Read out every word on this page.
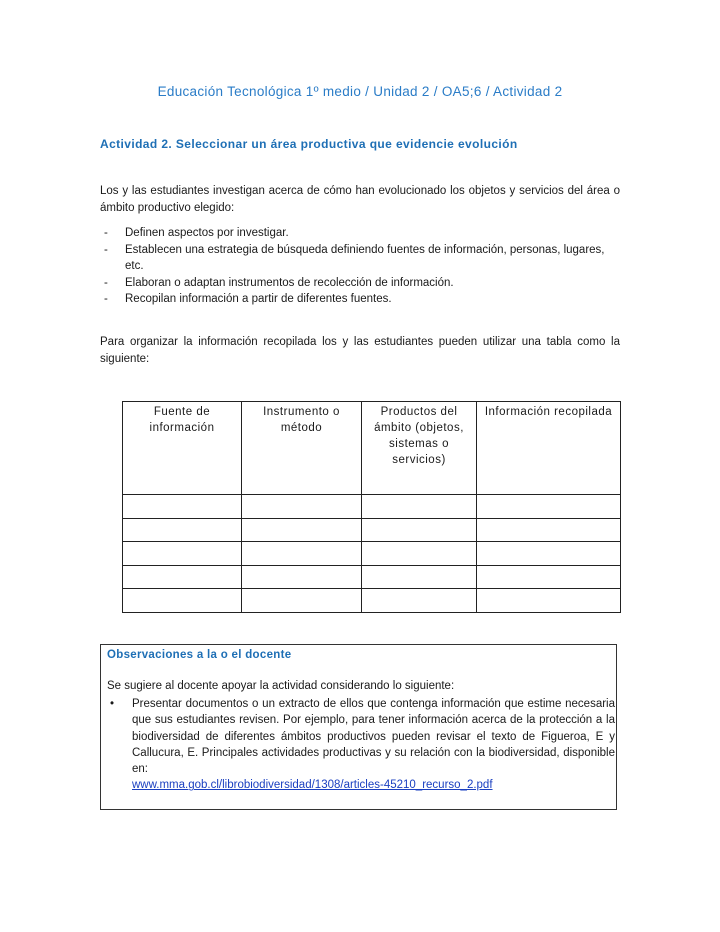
Educación Tecnológica 1º medio / Unidad 2 / OA5;6 / Actividad 2
Actividad 2. Seleccionar un área productiva que evidencie evolución
Los y las estudiantes investigan acerca de cómo han evolucionado los objetos y servicios del área o ámbito productivo elegido:
- Definen aspectos por investigar.
- Establecen una estrategia de búsqueda definiendo fuentes de información, personas, lugares, etc.
- Elaboran o adaptan instrumentos de recolección de información.
- Recopilan información a partir de diferentes fuentes.
Para organizar la información recopilada los y las estudiantes pueden utilizar una tabla como la siguiente:
Fuente de información	Instrumento o método	Productos del ámbito (objetos, sistemas o servicios)	Información recopilada

Observaciones a la o el docente
Se sugiere al docente apoyar la actividad considerando lo siguiente:
• Presentar documentos o un extracto de ellos que contenga información que estime necesaria que sus estudiantes revisen. Por ejemplo, para tener información acerca de la protección a la biodiversidad de diferentes ámbitos productivos pueden revisar el texto de Figueroa, E y Callucura, E. Principales actividades productivas y su relación con la biodiversidad, disponible en:
www.mma.gob.cl/librobiodiversidad/1308/articles-45210_recurso_2.pdf
